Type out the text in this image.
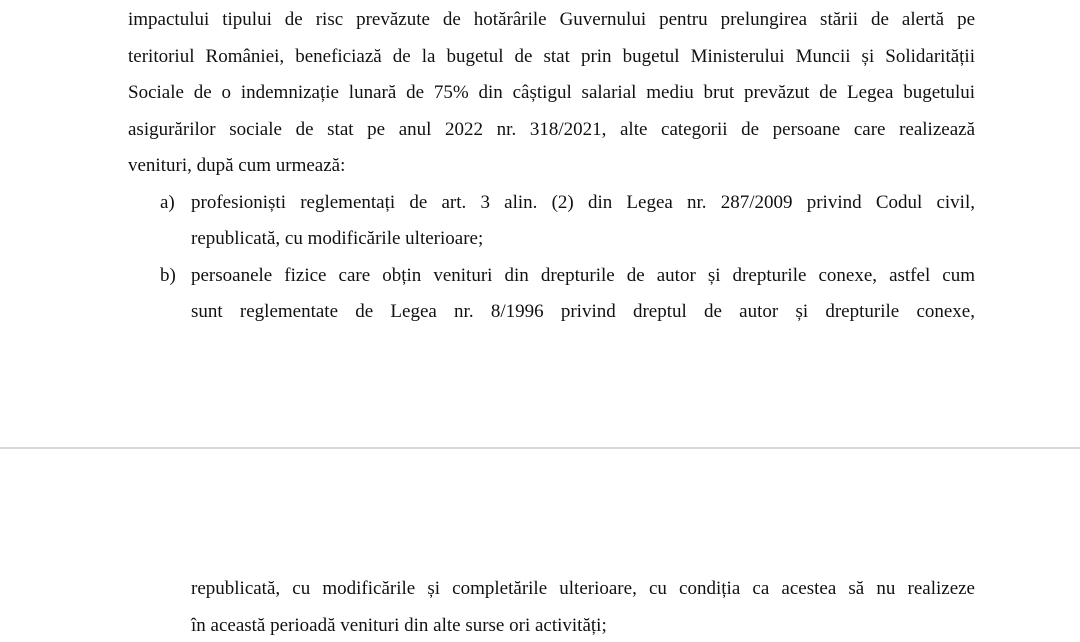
impactului tipului de risc prevăzute de hotărârile Guvernului pentru prelungirea stării de alertă pe
teritoriul României, beneficiază de la bugetul de stat prin bugetul Ministerului Muncii și Solidarității
Sociale de o indemnizație lunară de 75% din câștigul salarial mediu brut prevăzut de Legea bugetului
asigurărilor sociale de stat pe anul 2022 nr. 318/2021, alte categorii de persoane care realizează
venituri, după cum urmează:
a) profesioniști reglementați de art. 3 alin. (2) din Legea nr. 287/2009 privind Codul civil,
republicată, cu modificările ulterioare;
b) persoanele fizice care obțin venituri din drepturile de autor și drepturile conexe, astfel cum
sunt reglementate de Legea nr. 8/1996 privind dreptul de autor și drepturile conexe,
republicată, cu modificările și completările ulterioare, cu condiția ca acestea să nu realizeze
în această perioadă venituri din alte surse ori activități;
